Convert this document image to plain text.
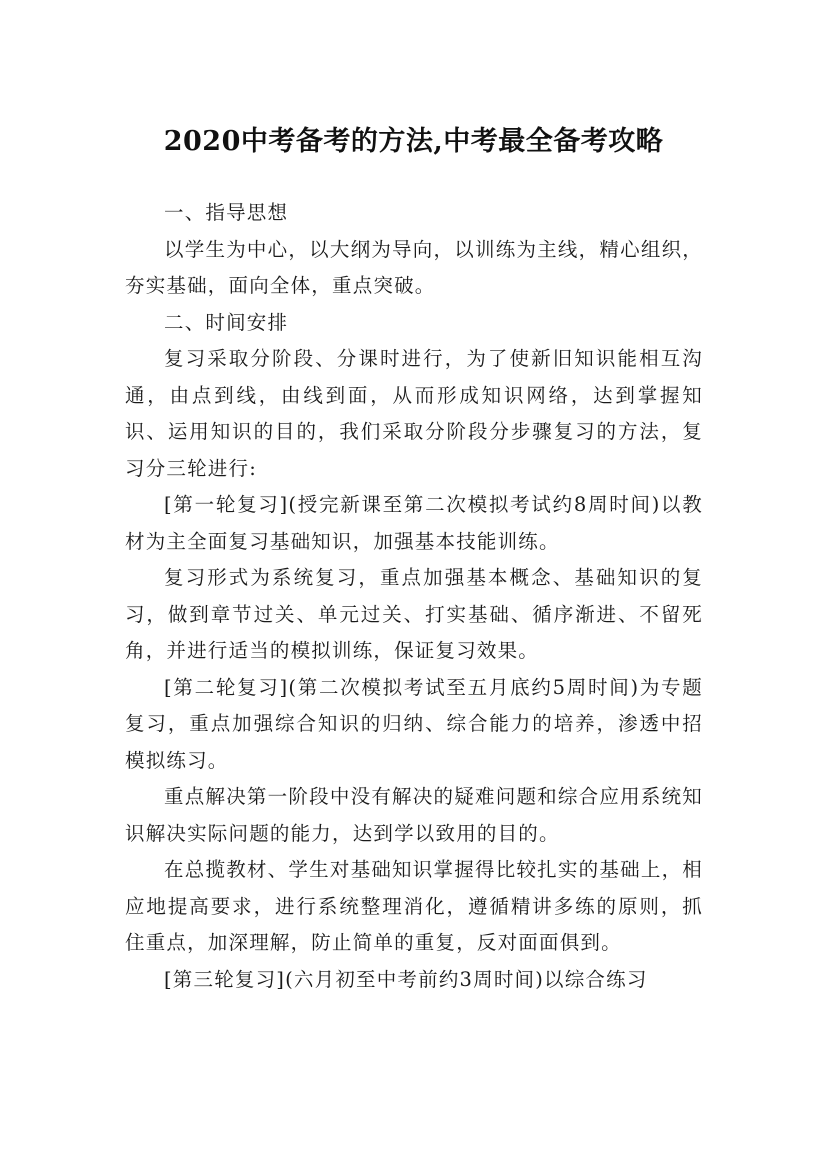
2020中考备考的方法,中考最全备考攻略

一、指导思想

以学生为中心，以大纲为导向，以训练为主线，精心组织，夯实基础，面向全体，重点突破。

二、时间安排

复习采取分阶段、分课时进行，为了使新旧知识能相互沟通，由点到线，由线到面，从而形成知识网络，达到掌握知识、运用知识的目的，我们采取分阶段分步骤复习的方法，复习分三轮进行:

[第一轮复习](授完新课至第二次模拟考试约8周时间)以教材为主全面复习基础知识，加强基本技能训练。

复习形式为系统复习，重点加强基本概念、基础知识的复习，做到章节过关、单元过关、打实基础、循序渐进、不留死角，并进行适当的模拟训练，保证复习效果。

[第二轮复习](第二次模拟考试至五月底约5周时间)为专题复习，重点加强综合知识的归纳、综合能力的培养，渗透中招模拟练习。

重点解决第一阶段中没有解决的疑难问题和综合应用系统知识解决实际问题的能力，达到学以致用的目的。

在总揽教材、学生对基础知识掌握得比较扎实的基础上，相应地提高要求，进行系统整理消化，遵循精讲多练的原则，抓住重点，加深理解，防止简单的重复，反对面面俱到。

[第三轮复习](六月初至中考前约3周时间)以综合练习
